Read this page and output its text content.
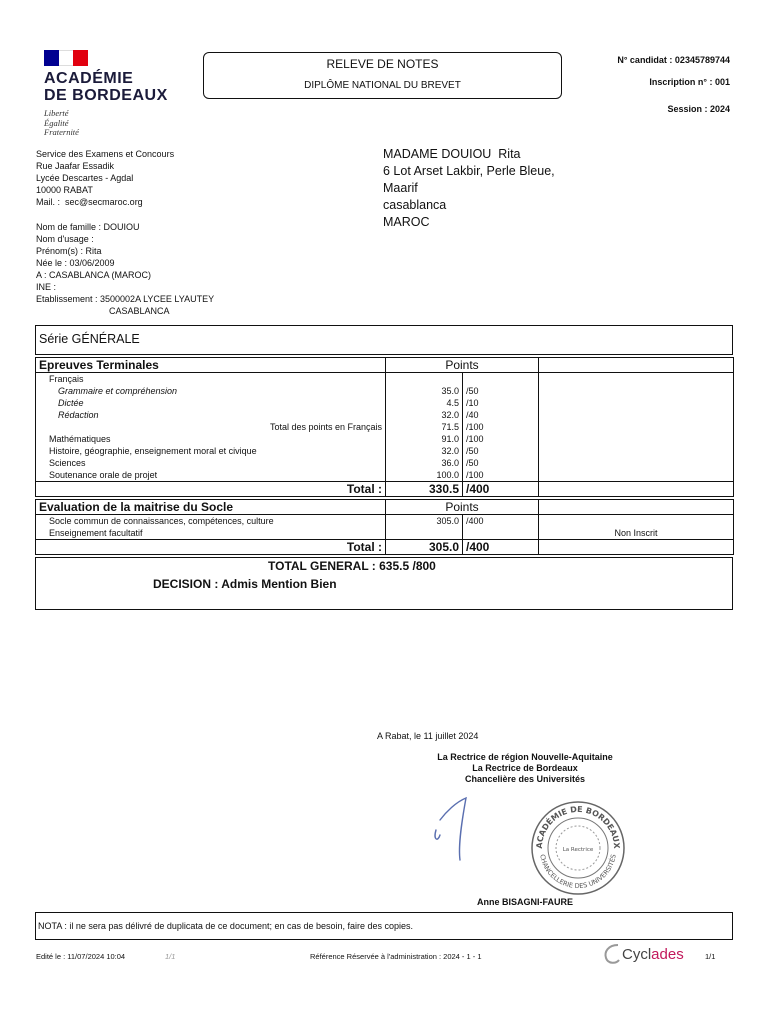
ACADÉMIE
DE BORDEAUX
Liberté
Égalité
Fraternité
RELEVE DE NOTES
DIPLÔME NATIONAL DU BREVET
N° candidat : 02345789744
Inscription n° : 001
Session : 2024
Service des Examens et Concours
Rue Jaafar Essadik
Lycée Descartes - Agdal
10000 RABAT
Mail. : sec@secmaroc.org
MADAME DOUIOU  Rita
6 Lot Arset Lakbir, Perle Bleue,
Maarif
casablanca
MAROC
Nom de famille : DOUIOU
Nom d'usage :
Prénom(s) : Rita
Née le : 03/06/2009
A : CASABLANCA (MAROC)
INE :
Etablissement : 3500002A LYCEE LYAUTEY
CASABLANCA
Série GÉNÉRALE
Epreuves Terminales	Points		
Français			
Grammaire et compréhension	35.0	/50	
Dictée	4.5	/10	
Rédaction	32.0	/40	
Total des points en Français	71.5	/100	
Mathématiques	91.0	/100	
Histoire, géographie, enseignement moral et civique	32.0	/50	
Sciences	36.0	/50	
Soutenance orale de projet	100.0	/100	
Total :	330.5	/400	
Evaluation de la maitrise du Socle	Points		
Socle commun de connaissances, compétences, culture	305.0	/400	
Enseignement facultatif			Non Inscrit
Total :	305.0	/400	
TOTAL GENERAL : 635.5 /800
DECISION : Admis Mention Bien
A Rabat, le 11 juillet 2024
La Rectrice de région Nouvelle-Aquitaine
La Rectrice de Bordeaux
Chancelière des Universités
ACADÉMIE DE BORDEAUX
CHANCELLERIE DES UNIVERSITÉS
La Rectrice
Anne BISAGNI-FAURE
NOTA : il ne sera pas délivré de duplicata de ce document; en cas de besoin, faire des copies.
Edité le : 11/07/2024 10:04	1/1	Référence Réservée à l'administration : 2024 - 1 - 1	Cyclades	1/1
